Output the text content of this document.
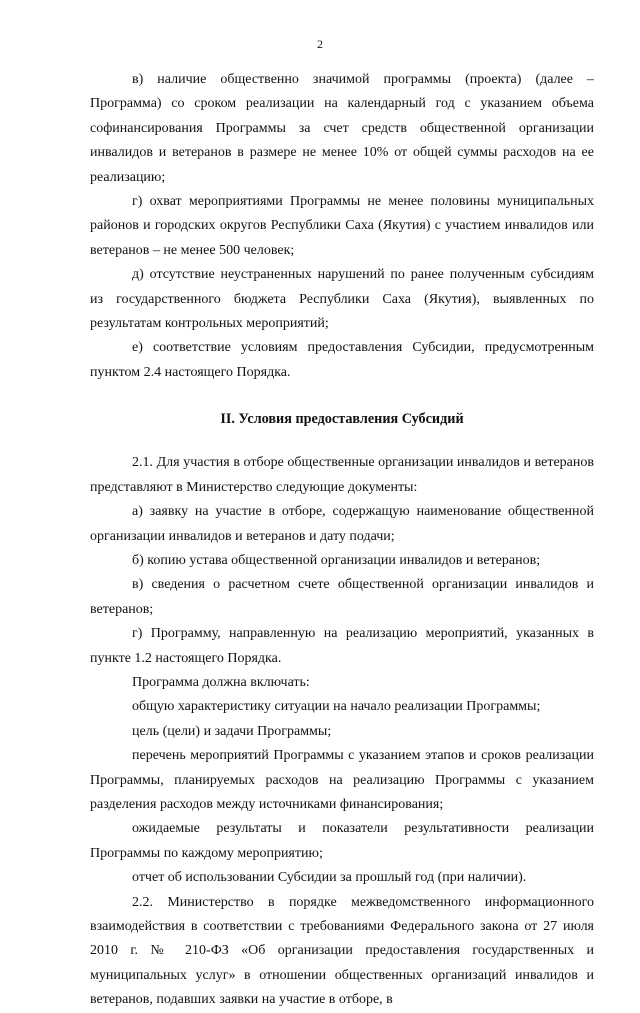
2

в) наличие общественно значимой программы (проекта) (далее – Программа) со сроком реализации на календарный год с указанием объема софинансирования Программы за счет средств общественной организации инвалидов и ветеранов в размере не менее 10% от общей суммы расходов на ее реализацию;

г) охват мероприятиями Программы не менее половины муниципальных районов и городских округов Республики Саха (Якутия) с участием инвалидов или ветеранов – не менее 500 человек;

д) отсутствие неустраненных нарушений по ранее полученным субсидиям из государственного бюджета Республики Саха (Якутия), выявленных по результатам контрольных мероприятий;

е) соответствие условиям предоставления Субсидии, предусмотренным пунктом 2.4 настоящего Порядка.

II. Условия предоставления Субсидий

2.1. Для участия в отборе общественные организации инвалидов и ветеранов представляют в Министерство следующие документы:

а) заявку на участие в отборе, содержащую наименование общественной организации инвалидов и ветеранов и дату подачи;

б) копию устава общественной организации инвалидов и ветеранов;

в) сведения о расчетном счете общественной организации инвалидов и ветеранов;

г) Программу, направленную на реализацию мероприятий, указанных в пункте 1.2 настоящего Порядка.

Программа должна включать:

общую характеристику ситуации на начало реализации Программы;

цель (цели) и задачи Программы;

перечень мероприятий Программы с указанием этапов и сроков реализации Программы, планируемых расходов на реализацию Программы с указанием разделения расходов между источниками финансирования;

ожидаемые результаты и показатели результативности реализации Программы по каждому мероприятию;

отчет об использовании Субсидии за прошлый год (при наличии).

2.2. Министерство в порядке межведомственного информационного взаимодействия в соответствии с требованиями Федерального закона от 27 июля 2010 г. № 210-ФЗ «Об организации предоставления государственных и муниципальных услуг» в отношении общественных организаций инвалидов и ветеранов, подавших заявки на участие в отборе, в
